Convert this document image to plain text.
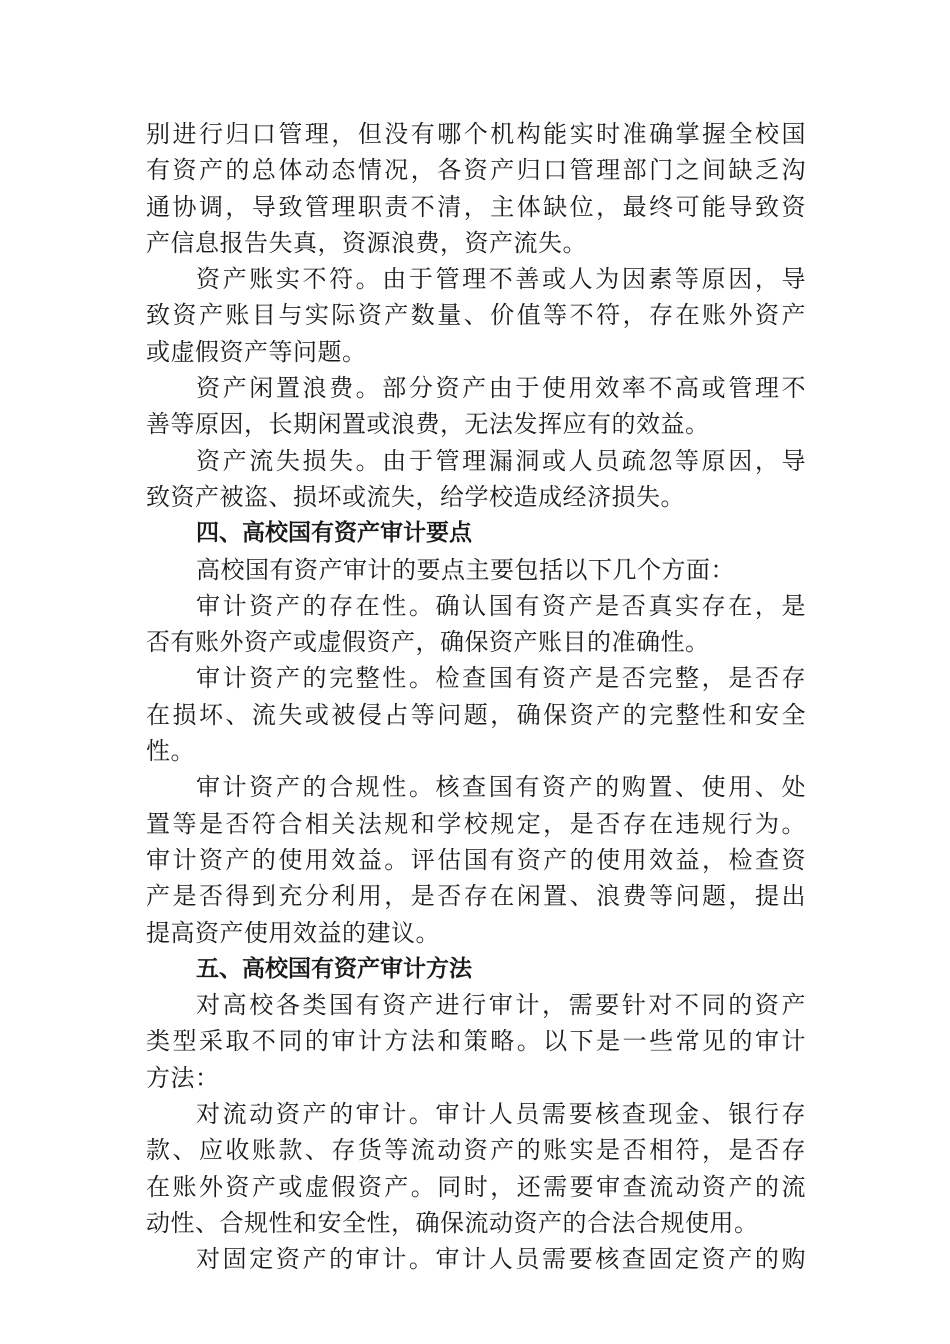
别进行归口管理，但没有哪个机构能实时准确掌握全校国
有资产的总体动态情况，各资产归口管理部门之间缺乏沟
通协调，导致管理职责不清，主体缺位，最终可能导致资
产信息报告失真，资源浪费，资产流失。
资产账实不符。由于管理不善或人为因素等原因，导
致资产账目与实际资产数量、价值等不符，存在账外资产
或虚假资产等问题。
资产闲置浪费。部分资产由于使用效率不高或管理不
善等原因，长期闲置或浪费，无法发挥应有的效益。
资产流失损失。由于管理漏洞或人员疏忽等原因，导
致资产被盗、损坏或流失，给学校造成经济损失。
四、高校国有资产审计要点
高校国有资产审计的要点主要包括以下几个方面：
审计资产的存在性。确认国有资产是否真实存在，是
否有账外资产或虚假资产，确保资产账目的准确性。
审计资产的完整性。检查国有资产是否完整，是否存
在损坏、流失或被侵占等问题，确保资产的完整性和安全
性。
审计资产的合规性。核查国有资产的购置、使用、处
置等是否符合相关法规和学校规定，是否存在违规行为。
审计资产的使用效益。评估国有资产的使用效益，检查资
产是否得到充分利用，是否存在闲置、浪费等问题，提出
提高资产使用效益的建议。
五、高校国有资产审计方法
对高校各类国有资产进行审计，需要针对不同的资产
类型采取不同的审计方法和策略。以下是一些常见的审计
方法：
对流动资产的审计。审计人员需要核查现金、银行存
款、应收账款、存货等流动资产的账实是否相符，是否存
在账外资产或虚假资产。同时，还需要审查流动资产的流
动性、合规性和安全性，确保流动资产的合法合规使用。
对固定资产的审计。审计人员需要核查固定资产的购
